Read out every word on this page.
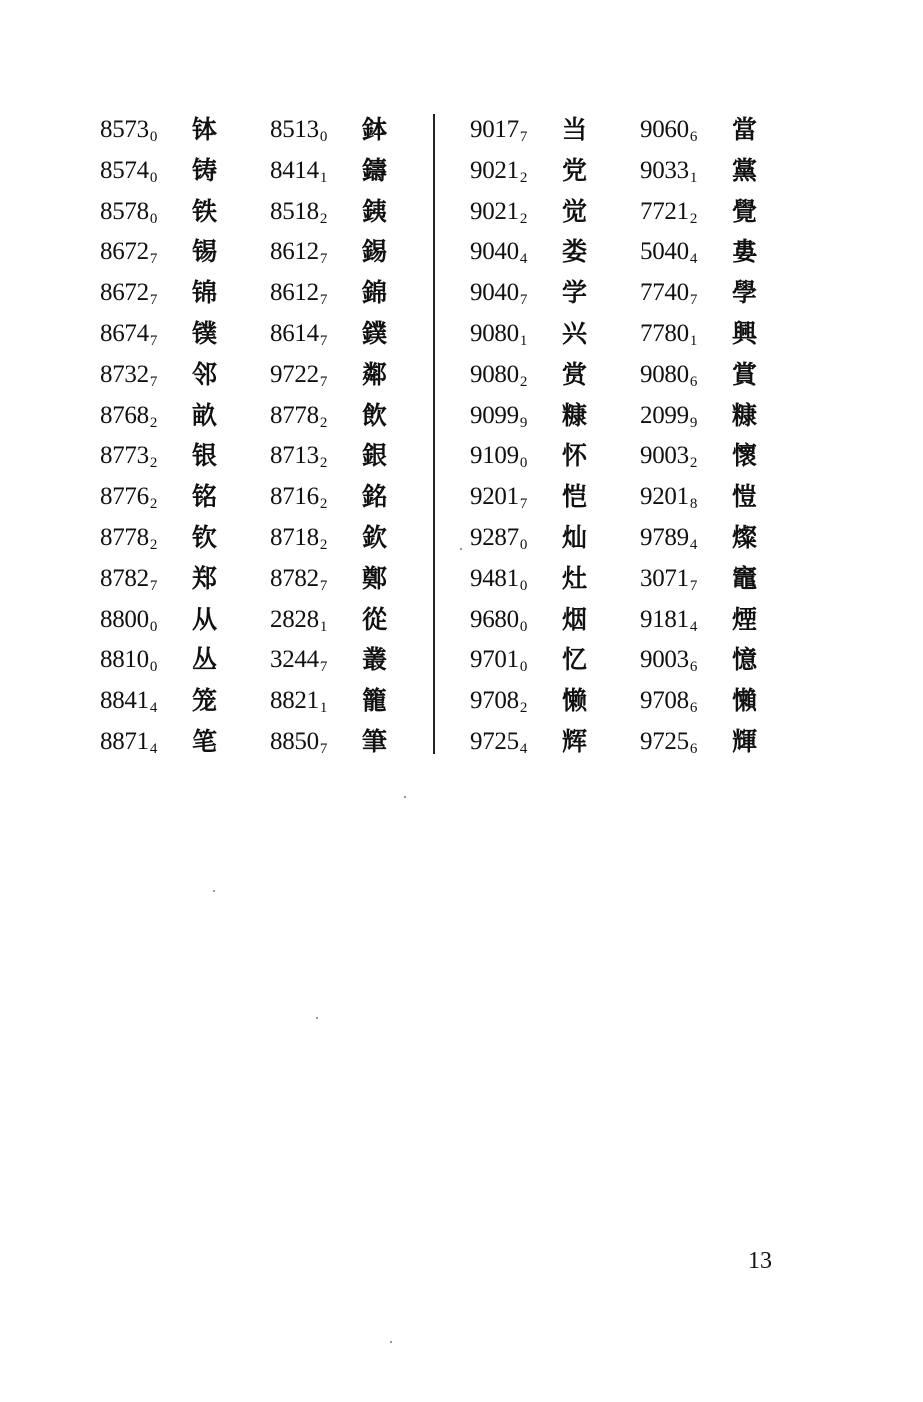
$8573_0$ 钵 $8513_0$ 鉢
$8574_0$ 铸 $8414_1$ 鑄
$8578_0$ 铁 $8518_2$ 銕
$8672_7$ 锡 $8612_7$ 錫
$8672_7$ 锦 $8612_7$ 錦
$8674_7$ 镤 $8614_7$ 鏷
$8732_7$ 邻 $9722_7$ 鄰
$8768_2$ 畝 $8778_2$ 飲
$8773_2$ 银 $8713_2$ 銀
$8776_2$ 铭 $8716_2$ 銘
$8778_2$ 钦 $8718_2$ 欽
$8782_7$ 郑 $8782_7$ 鄭
$8800_0$ 从 $2828_1$ 從
$8810_0$ 丛 $3244_7$ 叢
$8841_4$ 笼 $8821_1$ 籠
$8871_4$ 笔 $8850_7$ 筆
$9017_7$ 当 $9060_6$ 當
$9021_2$ 党 $9033_1$ 黨
$9021_2$ 觉 $7721_2$ 覺
$9040_4$ 娄 $5040_4$ 婁
$9040_7$ 学 $7740_7$ 學
$9080_1$ 兴 $7780_1$ 興
$9080_2$ 赏 $9080_6$ 賞
$9099_9$ 糠 $2099_9$ 糠
$9109_0$ 怀 $9003_2$ 懷
$9201_7$ 恺 $9201_8$ 愷
$9287_0$ 灿 $9789_4$ 燦
$9481_0$ 灶 $3071_7$ 竈
$9680_0$ 烟 $9181_4$ 煙
$9701_0$ 忆 $9003_6$ 憶
$9708_2$ 懒 $9708_6$ 懶
$9725_4$ 辉 $9725_6$ 輝
13
